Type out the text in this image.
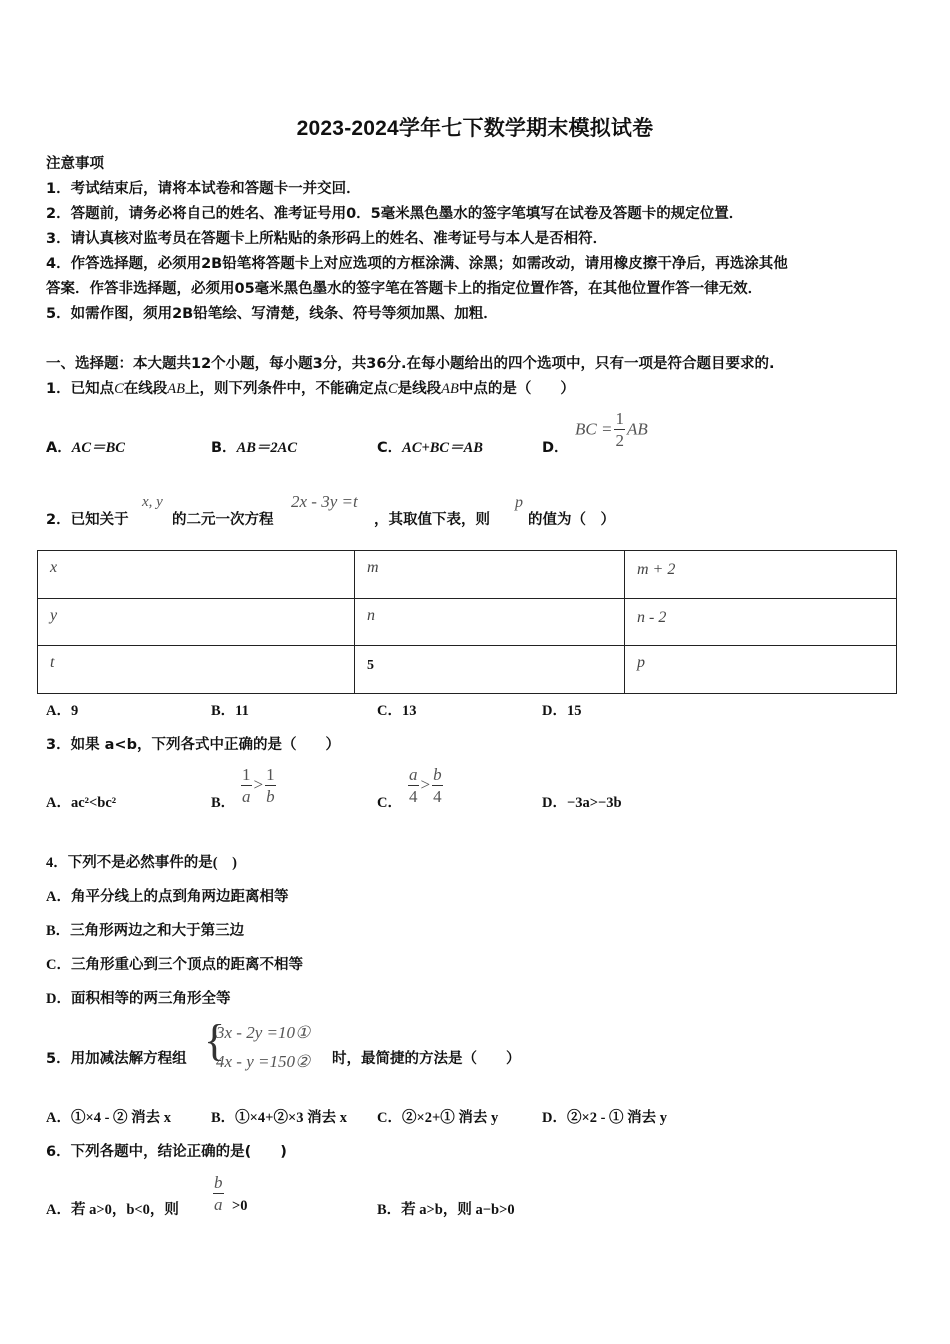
2023-2024学年七下数学期末模拟试卷
注意事项
1．考试结束后，请将本试卷和答题卡一并交回．
2．答题前，请务必将自己的姓名、准考证号用0．5毫米黑色墨水的签字笔填写在试卷及答题卡的规定位置．
3．请认真核对监考员在答题卡上所粘贴的条形码上的姓名、准考证号与本人是否相符．
4．作答选择题，必须用2B铅笔将答题卡上对应选项的方框涂满、涂黑；如需改动，请用橡皮擦干净后，再选涂其他
答案．作答非选择题，必须用05毫米黑色墨水的签字笔在答题卡上的指定位置作答，在其他位置作答一律无效．
5．如需作图，须用2B铅笔绘、写清楚，线条、符号等须加黑、加粗．
一、选择题：本大题共12个小题，每小题3分，共36分.在每小题给出的四个选项中，只有一项是符合题目要求的.
1．已知点C在线段AB上，则下列条件中，不能确定点C是线段AB中点的是（　　）
A．AC＝BC	B．AB＝2AC	C．AC+BC＝AB	D．
BC = $\frac{1}{2}$ AB
2．已知关于
x, y
的二元一次方程
2x - 3y =t
，其取值下表，则
p
的值为（　）
x	m	m + 2
y	n	n - 2
t	5	p
A．9	B．11	C．13	D．15
3．如果 a<b，下列各式中正确的是（　　）
A．ac²<bc²	B． $\frac{1}{a} > \frac{1}{b}$	C． $\frac{a}{4} > \frac{b}{4}$	D．−3a>−3b
4．下列不是必然事件的是(　)
A．角平分线上的点到角两边距离相等
B．三角形两边之和大于第三边
C．三角形重心到三个顶点的距离不相等
D．面积相等的两三角形全等
5．用加减法解方程组 {
3x - 2y =10①
4x - y =150② 时，最简捷的方法是（　　）
A．①×4 - ② 消去 x	B．①×4+②×3 消去 x C．②×2+① 消去 y	D．②×2 - ① 消去 y
6．下列各题中，结论正确的是(　　)
A．若 a>0，b<0，则 $\frac{b}{a} >0$	B．若 a>b，则 a−b>0
